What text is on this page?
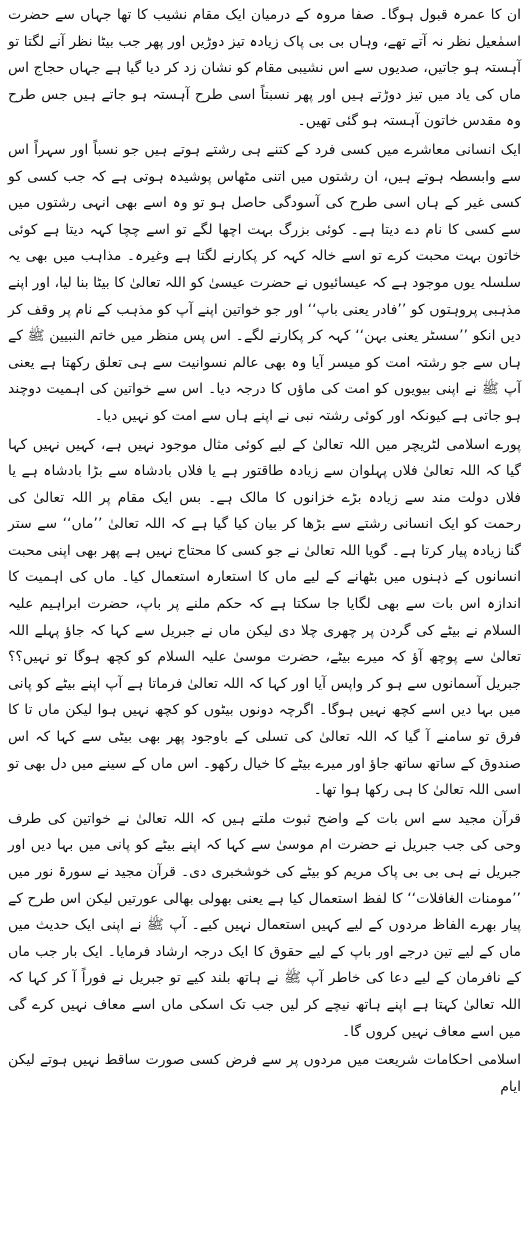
ان کا عمرہ قبول ہوگا۔ صفا مروہ کے درمیان ایک مقام نشیب کا تھا جہاں سے حضرت اسمٰعیل نظر نہ آتے تھے، وہاں بی بی پاک زیادہ تیز دوڑیں اور پھر جب بیٹا نظر آنے لگتا تو آہستہ ہو جاتیں، صدیوں سے اس نشیبی مقام کو نشان زد کر دیا گیا ہے جہاں حجاج اس ماں کی یاد میں تیز دوڑتے ہیں اور پھر نسبتاً اسی طرح آہستہ ہو جاتے ہیں جس طرح وہ مقدس خاتون آہستہ ہو گئی تھیں۔

ایک انسانی معاشرے میں کسی فرد کے کتنے ہی رشتے ہوتے ہیں جو نسباً اور سہراً اس سے وابسطہ ہوتے ہیں، ان رشتوں میں اتنی مٹھاس پوشیدہ ہوتی ہے کہ جب کسی کو کسی غیر کے ہاں اسی طرح کی آسودگی حاصل ہو تو وہ اسے بھی انہی رشتوں میں سے کسی کا نام دے دیتا ہے۔ کوئی بزرگ بہت اچھا لگے تو اسے چچا کہہ دیتا ہے کوئی خاتون بہت محبت کرے تو اسے خالہ کہہ کر پکارنے لگتا ہے وغیرہ۔ مذاہب میں بھی یہ سلسلہ یوں موجود ہے کہ عیسائیوں نے حضرت عیسیٰ کو اللہ تعالیٰ کا بیٹا بنا لیا، اور اپنے مذہبی پروہتوں کو ’’فادر یعنی باپ‘‘ اور جو خواتین اپنے آپ کو مذہب کے نام پر وقف کر دیں انکو ’’سسٹر یعنی بہن‘‘ کہہ کر پکارنے لگے۔ اس پس منظر میں خاتم النبیین ﷺ کے ہاں سے جو رشتہ امت کو میسر آیا وہ بھی عالم نسوانیت سے ہی تعلق رکھتا ہے یعنی آپ ﷺ نے اپنی بیویوں کو امت کی ماؤں کا درجہ دیا۔ اس سے خواتین کی اہمیت دوچند ہو جاتی ہے کیونکہ اور کوئی رشتہ نبی نے اپنے ہاں سے امت کو نہیں دیا۔

پورے اسلامی لٹریچر میں اللہ تعالیٰ کے لیے کوئی مثال موجود نہیں ہے، کہیں نہیں کہا گیا کہ اللہ تعالیٰ فلاں پہلوان سے زیادہ طاقتور ہے یا فلاں بادشاہ سے بڑا بادشاہ ہے یا فلاں دولت مند سے زیادہ بڑے خزانوں کا مالک ہے۔ بس ایک مقام پر اللہ تعالیٰ کی رحمت کو ایک انسانی رشتے سے بڑھا کر بیان کیا گیا ہے کہ اللہ تعالیٰ ’’ماں‘‘ سے ستر گنا زیادہ پیار کرتا ہے۔ گویا اللہ تعالیٰ نے جو کسی کا محتاج نہیں ہے پھر بھی اپنی محبت انسانوں کے ذہنوں میں بٹھانے کے لیے ماں کا استعارہ استعمال کیا۔ ماں کی اہمیت کا اندازہ اس بات سے بھی لگایا جا سکتا ہے کہ حکم ملنے پر باپ، حضرت ابراہیم علیہ السلام نے بیٹے کی گردن پر چھری چلا دی لیکن ماں نے جبریل سے کہا کہ جاؤ پہلے اللہ تعالیٰ سے پوچھ آؤ کہ میرے بیٹے، حضرت موسیٰ علیہ السلام کو کچھ ہوگا تو نہیں؟؟ جبریل آسمانوں سے ہو کر واپس آیا اور کہا کہ اللہ تعالیٰ فرماتا ہے آپ اپنے بیٹے کو پانی میں بہا دیں اسے کچھ نہیں ہوگا۔ اگرچہ دونوں بیٹوں کو کچھ نہیں ہوا لیکن ماں تا کا فرق تو سامنے آ گیا کہ اللہ تعالیٰ کی تسلی کے باوجود پھر بھی بیٹی سے کہا کہ اس صندوق کے ساتھ ساتھ جاؤ اور میرے بیٹے کا خیال رکھو۔ اس ماں کے سینے میں دل بھی تو اسی اللہ تعالیٰ کا ہی رکھا ہوا تھا۔

قرآن مجید سے اس بات کے واضح ثبوت ملتے ہیں کہ اللہ تعالیٰ نے خواتین کی طرف وحی کی جب جبریل نے حضرت ام موسیٰ سے کہا کہ اپنے بیٹے کو پانی میں بہا دیں اور جبریل نے ہی بی بی پاک مریم کو بیٹے کی خوشخبری دی۔ قرآن مجید نے سورۃ نور میں ’’مومنات الغافلات‘‘ کا لفظ استعمال کیا ہے یعنی بھولی بھالی عورتیں لیکن اس طرح کے پیار بھرے الفاظ مردوں کے لیے کہیں استعمال نہیں کیے۔ آپ ﷺ نے اپنی ایک حدیث میں ماں کے لیے تین درجے اور باپ کے لیے حقوق کا ایک درجہ ارشاد فرمایا۔ ایک بار جب ماں کے نافرمان کے لیے دعا کی خاطر آپ ﷺ نے ہاتھ بلند کیے تو جبریل نے فوراً آ کر کہا کہ اللہ تعالیٰ کہتا ہے اپنے ہاتھ نیچے کر لیں جب تک اسکی ماں اسے معاف نہیں کرے گی میں اسے معاف نہیں کروں گا۔

اسلامی احکامات شریعت میں مردوں پر سے فرض کسی صورت ساقط نہیں ہوتے لیکن ایام
